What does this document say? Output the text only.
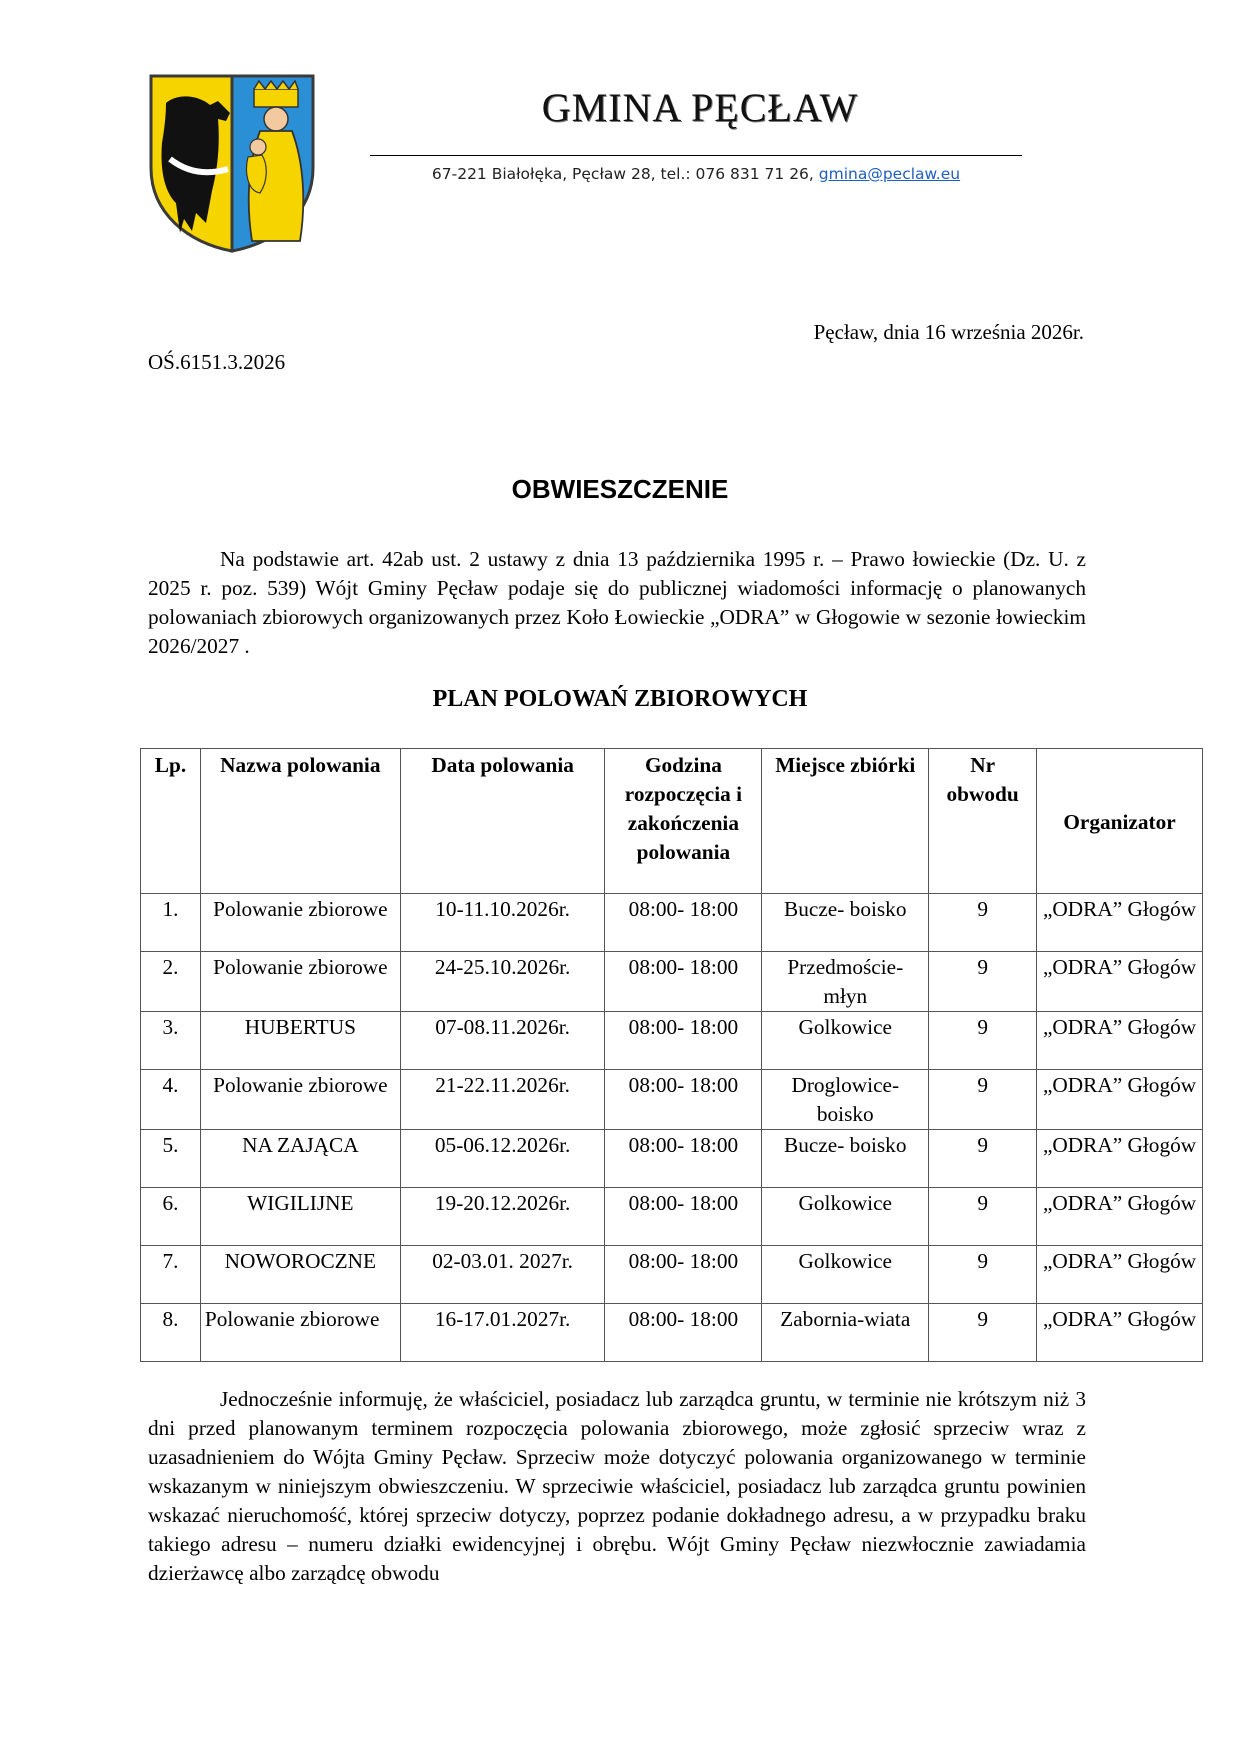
GMINA PĘCŁAW
67-221 Białołęka, Pęcław 28, tel.: 076 831 71 26, gmina@peclaw.eu
Pęcław, dnia 16 września 2026r.
OŚ.6151.3.2026
OBWIESZCZENIE

Na podstawie art. 42ab ust. 2 ustawy z dnia 13 października 1995 r. – Prawo łowieckie (Dz. U. z 2025 r. poz. 539) Wójt Gminy Pęcław podaje się do publicznej wiadomości informację o planowanych polowaniach zbiorowych organizowanych przez Koło Łowieckie „ODRA” w Głogowie w sezonie łowieckim 2026/2027 .

PLAN POLOWAŃ ZBIOROWYCH
Lp.	Nazwa polowania	Data polowania	Godzina rozpoczęcia i zakończenia polowania	Miejsce zbiórki	Nr obwodu	Organizator
1.	Polowanie zbiorowe	10-11.10.2026r.	08:00- 18:00	Bucze- boisko	9	„ODRA” Głogów
2.	Polowanie zbiorowe	24-25.10.2026r.	08:00- 18:00	Przedmoście-młyn	9	„ODRA” Głogów
3.	HUBERTUS	07-08.11.2026r.	08:00- 18:00	Golkowice	9	„ODRA” Głogów
4.	Polowanie zbiorowe	21-22.11.2026r.	08:00- 18:00	Droglowice-boisko	9	„ODRA” Głogów
5.	NA ZAJĄCA	05-06.12.2026r.	08:00- 18:00	Bucze- boisko	9	„ODRA” Głogów
6.	WIGILIJNE	19-20.12.2026r.	08:00- 18:00	Golkowice	9	„ODRA” Głogów
7.	NOWOROCZNE	02-03.01. 2027r.	08:00- 18:00	Golkowice	9	„ODRA” Głogów
8.	Polowanie zbiorowe	16-17.01.2027r.	08:00- 18:00	Zabornia-wiata	9	„ODRA” Głogów

Jednocześnie informuję, że właściciel, posiadacz lub zarządca gruntu, w terminie nie krótszym niż 3 dni przed planowanym terminem rozpoczęcia polowania zbiorowego, może zgłosić sprzeciw wraz z uzasadnieniem do Wójta Gminy Pęcław. Sprzeciw może dotyczyć polowania organizowanego w terminie wskazanym w niniejszym obwieszczeniu. W sprzeciwie właściciel, posiadacz lub zarządca gruntu powinien wskazać nieruchomość, której sprzeciw dotyczy, poprzez podanie dokładnego adresu, a w przypadku braku takiego adresu – numeru działki ewidencyjnej i obrębu. Wójt Gminy Pęcław niezwłocznie zawiadamia dzierżawcę albo zarządcę obwodu
